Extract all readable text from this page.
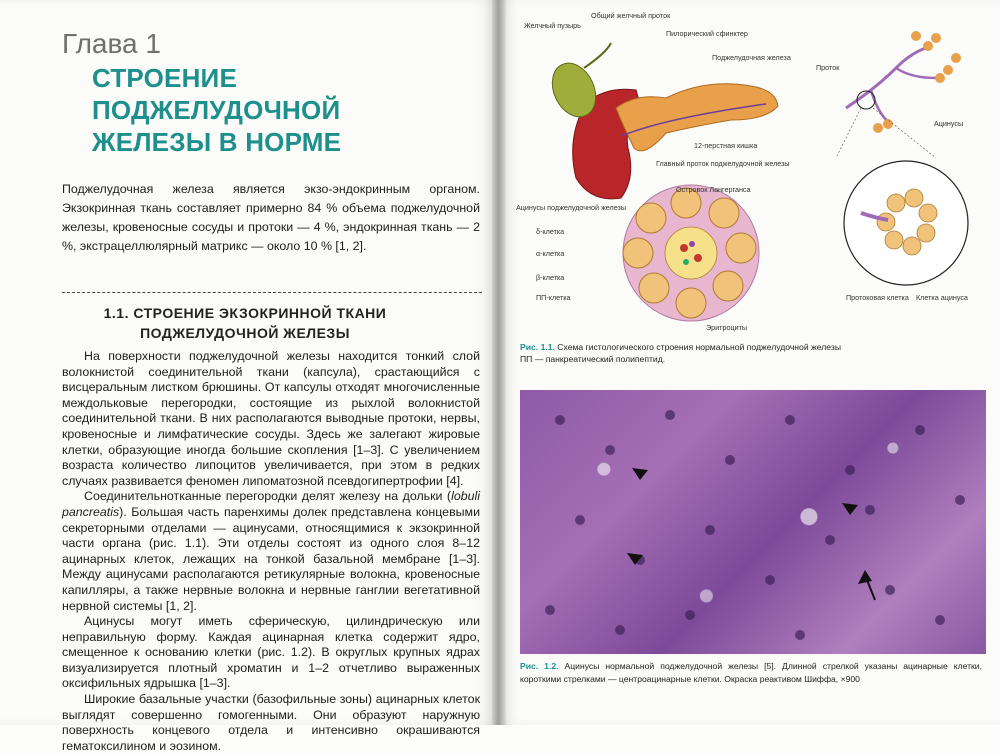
Глава 1
СТРОЕНИЕ ПОДЖЕЛУДОЧНОЙ
ЖЕЛЕЗЫ В НОРМЕ
Поджелудочная железа является экзо-эндокринным органом. Экзокринная ткань составляет примерно 84 % объема поджелудочной железы, кровеносные сосуды и протоки — 4 %, эндокринная ткань — 2 %, экстрацеллюлярный матрикс — около 10 % [1, 2].
1.1. СТРОЕНИЕ ЭКЗОКРИННОЙ ТКАНИ
ПОДЖЕЛУДОЧНОЙ ЖЕЛЕЗЫ

На поверхности поджелудочной железы находится тонкий слой волокнистой соединительной ткани (капсула), срастающийся с висцеральным листком брюшины. От капсулы отходят многочисленные междольковые перегородки, состоящие из рыхлой волокнистой соединительной ткани. В них располагаются выводные протоки, нервы, кровеносные и лимфатические сосуды. Здесь же залегают жировые клетки, образующие иногда большие скопления [1–3]. С увеличением возраста количество липоцитов увеличивается, при этом в редких случаях развивается феномен липоматозной псевдогипертрофии [4].

Соединительнотканные перегородки делят железу на дольки (lobuli pancreatis). Большая часть паренхимы долек представлена концевыми секреторными отделами — ацинусами, относящимися к экзокринной части органа (рис. 1.1). Эти отделы состоят из одного слоя 8–12 ацинарных клеток, лежащих на тонкой базальной мембране [1–3]. Между ацинусами располагаются ретикулярные волокна, кровеносные капилляры, а также нервные волокна и нервные ганглии вегетативной нервной системы [1, 2].

Ацинусы могут иметь сферическую, цилиндрическую или неправильную форму. Каждая ацинарная клетка содержит ядро, смещенное к основанию клетки (рис. 1.2). В округлых крупных ядрах визуализируется плотный хроматин и 1–2 отчетливо выраженных оксифильных ядрышка [1–3].

Широкие базальные участки (базофильные зоны) ацинарных клеток выглядят совершенно гомогенными. Они образуют наружную поверхность концевого отдела и интенсивно окрашиваются гематоксилином и эозином.

Желчный пузырь
Общий желчный проток
Пилорический сфинктер
Поджелудочная железа
Проток
Ацинусы
12-перстная кишка
Главный проток поджелудочной железы
Островок Лангерганса
Ацинусы поджелудочной железы
δ-клетка
α-клетка
β-клетка
ПП-клетка
Эритроциты
Протоковая клетка Клетка ацинуса
Рис. 1.1. Схема гистологического строения нормальной поджелудочной железы
ПП — панкреатический полипептид.
Рис. 1.2. Ацинусы нормальной поджелудочной железы [5]. Длинной стрелкой указаны ацинарные клетки, короткими стрелками — центроацинарные клетки. Окраска реактивом Шиффа, ×900
